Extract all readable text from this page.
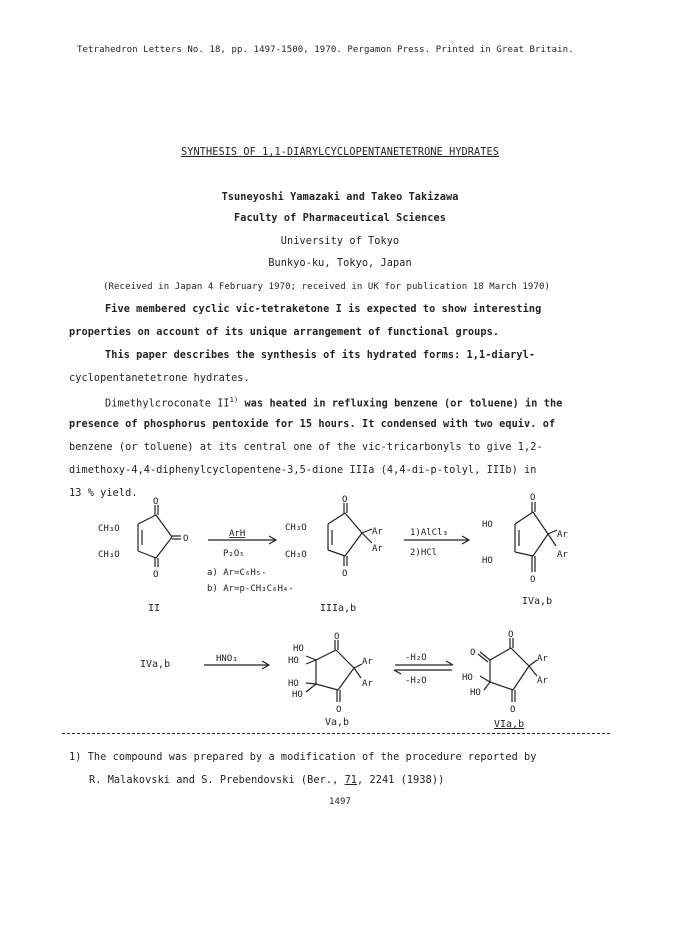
Tetrahedron Letters No. 18, pp. 1497-1500, 1970. Pergamon Press. Printed in Great Britain.
SYNTHESIS OF 1,1-DIARYLCYCLOPENTANETETRONE HYDRATES
Tsuneyoshi Yamazaki and Takeo Takizawa
Faculty of Pharmaceutical Sciences
University of Tokyo
Bunkyo-ku, Tokyo, Japan
(Received in Japan 4 February 1970; received in UK for publication 18 March 1970)
Five membered cyclic vic-tetraketone I is expected to show interesting
properties on account of its unique arrangement of functional groups.
This paper describes the synthesis of its hydrated forms: 1,1-diaryl-
cyclopentanetetrone hydrates.
Dimethylcroconate II$^{1)}$ was heated in refluxing benzene (or toluene) in the
presence of phosphorus pentoxide for 15 hours. It condensed with two equiv. of
benzene (or toluene) at its central one of the vic-tricarbonyls to give 1,2-
dimethoxy-4,4-diphenylcyclopentene-3,5-dione IIIa (4,4-di-p-tolyl, IIIb) in
13 % yield.
CH₃O
CH₃O
O
O
O
II
ArH
P₂O₅
a) Ar=C₆H₅-
b) Ar=p-CH₃C₆H₄-
CH₃O
CH₃O
O
O
Ar
Ar
IIIa,b
1)AlCl₃
2)HCl
HO
HO
O
O
Ar
Ar
IVa,b
IVa,b	HNO₃
HO
HO
HO
HO
O
O
Ar
Ar
Va,b
-H₂O
-H₂O
O
O
HO
HO
O
Ar
Ar
VIa,b
1) The compound was prepared by a modification of the procedure reported by
R. Malakovski and S. Prebendovski (Ber., 71, 2241 (1938))
1497
